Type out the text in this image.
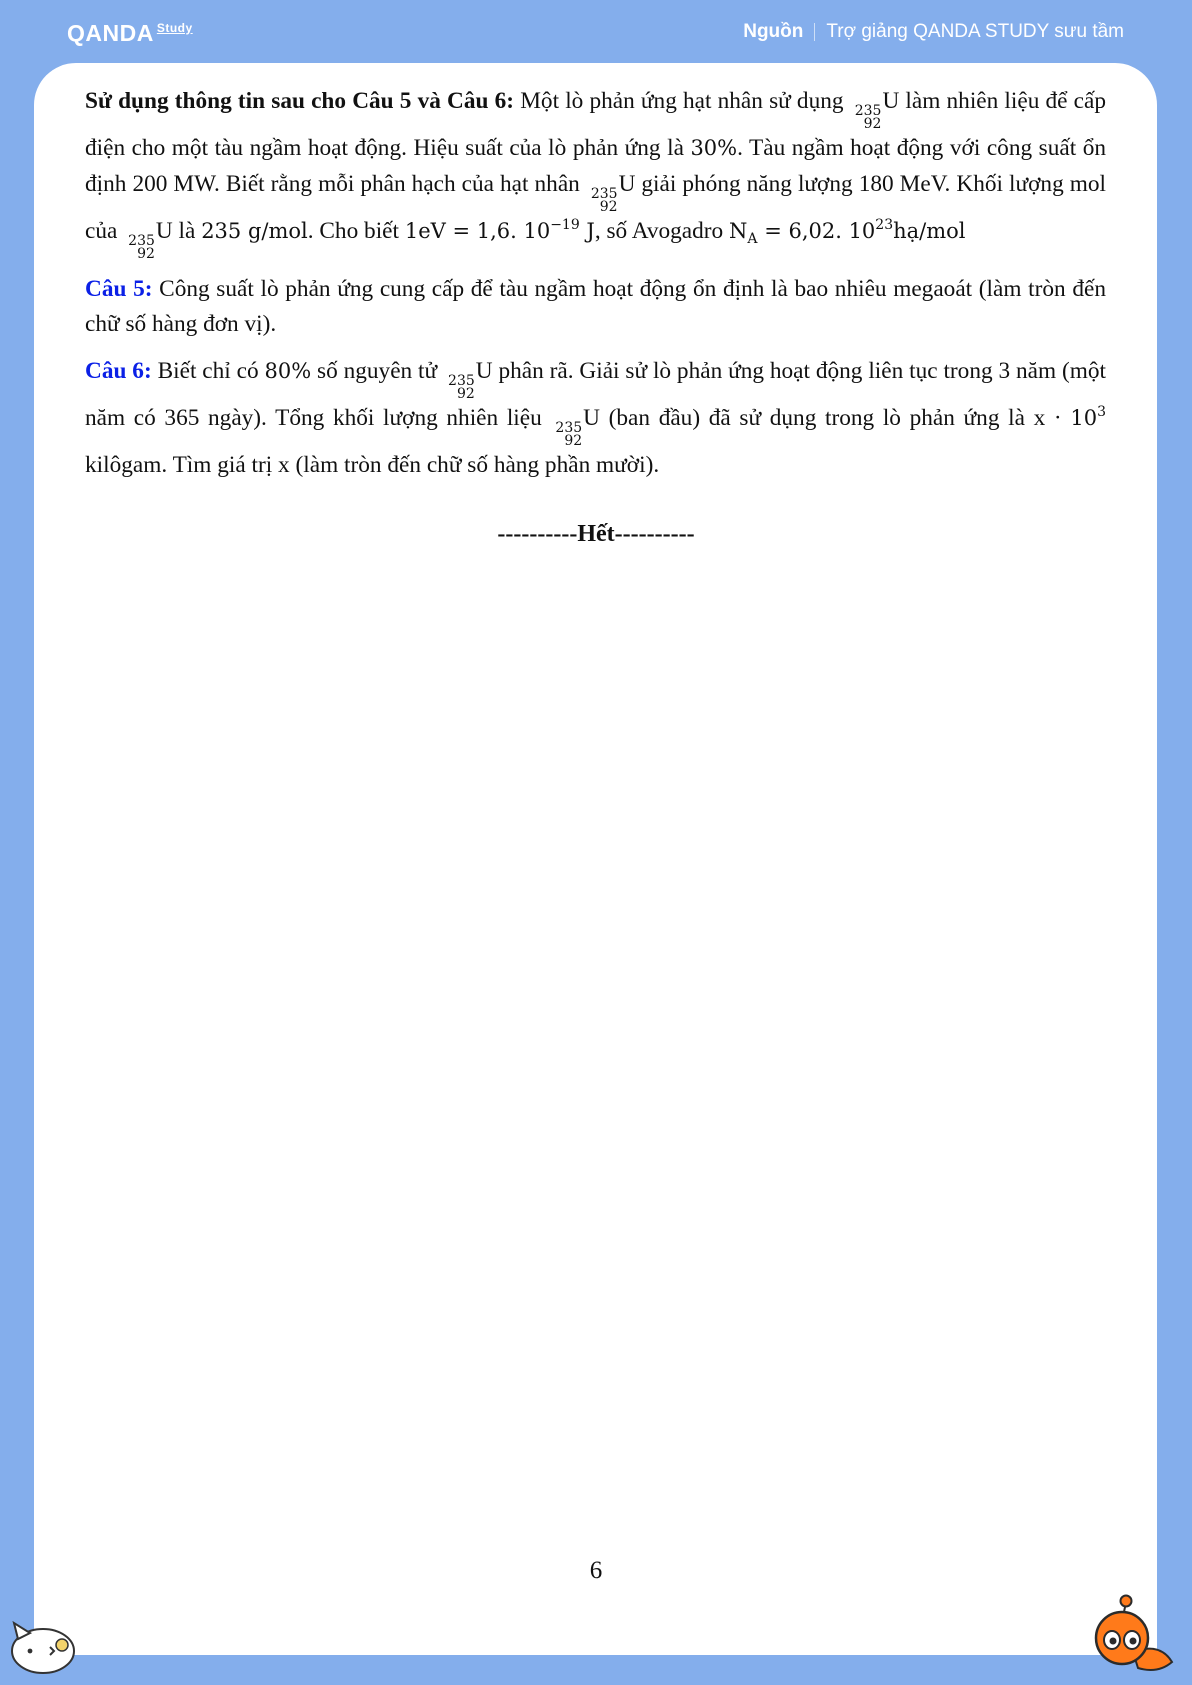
QANDA Study	Nguồn Trợ giảng QANDA STUDY sưu tầm

Sử dụng thông tin sau cho Câu 5 và Câu 6: Một lò phản ứng hạt nhân sử dụng 235
92
U làm nhiên liệu để cấp điện cho một tàu ngầm hoạt động. Hiệu suất của lò phản ứng là 30%. Tàu ngầm hoạt động với công suất ổn định 200 MW. Biết rằng mỗi phân hạch của hạt nhân 235
92
U giải phóng năng lượng 180 MeV. Khối lượng mol của 235
92
U là 235 g/mol. Cho biết 1eV = 1,6. $10^{-19}$ J, số Avogadro $N_A = 6,02$. $10^{23}hạ$/mol

Câu 5: Công suất lò phản ứng cung cấp để tàu ngầm hoạt động ổn định là bao nhiêu megaoát (làm tròn đến chữ số hàng đơn vị).

Câu 6: Biết chỉ có 80% số nguyên tử 235
92
U phân rã. Giải sử lò phản ứng hoạt động liên tục trong 3 năm (một năm có 365 ngày). Tổng khối lượng nhiên liệu 235
92
U (ban đầu) đã sử dụng trong lò phản ứng là $x \cdot 10^3$ kilôgam. Tìm giá trị x (làm tròn đến chữ số hàng phần mười).

----------Hết----------
6
